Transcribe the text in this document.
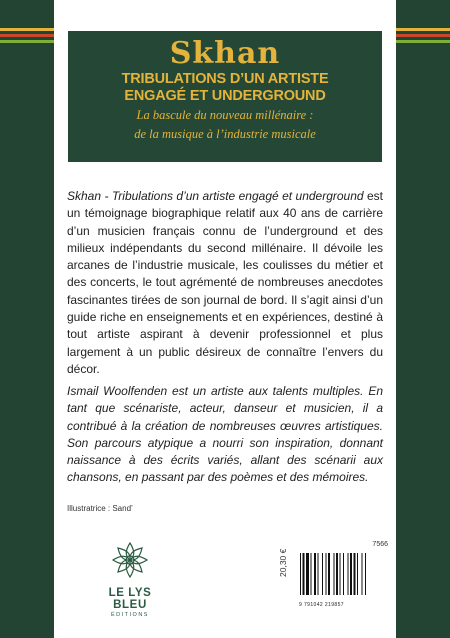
Skhan
TRIBULATIONS D’UN ARTISTE
ENGAGÉ ET UNDERGROUND
La bascule du nouveau millénaire :
de la musique à l’industrie musicale
Skhan - Tribulations d’un artiste engagé et underground est un témoignage biographique relatif aux 40 ans de carrière d’un musicien français connu de l’underground et des milieux indépendants du second millénaire. Il dévoile les arcanes de l’industrie musicale, les coulisses du métier et des concerts, le tout agrémenté de nombreuses anecdotes fascinantes tirées de son journal de bord. Il s’agit ainsi d’un guide riche en enseignements et en expériences, destiné à tout artiste aspirant à devenir professionnel et plus largement à un public désireux de connaître l’envers du décor.
Ismail Woolfenden est un artiste aux talents multiples. En tant que scénariste, acteur, danseur et musicien, il a contribué à la création de nombreuses œuvres artistiques. Son parcours atypique a nourri son inspiration, donnant naissance à des écrits variés, allant des scénarii aux chansons, en passant par des poèmes et des mémoires.
Illustratrice : Sand’
LE LYS BLEU
ÉDITIONS
7566
20,30 €
9 791042 219857
